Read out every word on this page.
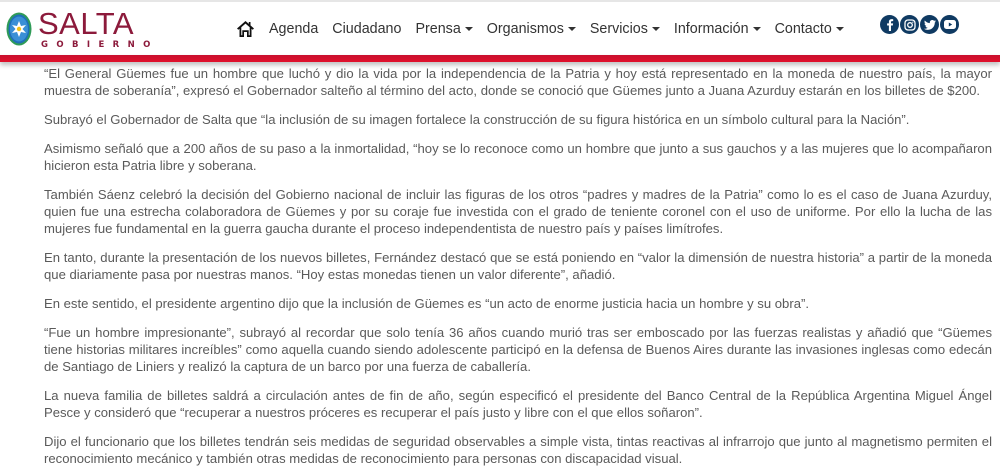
SALTA
GOBIERNO
Agenda Ciudadano Prensa Organismos Servicios Información Contacto

“El General Güemes fue un hombre que luchó y dio la vida por la independencia de la Patria y hoy está representado en la moneda de nuestro país, la mayor muestra de soberanía”, expresó el Gobernador salteño al término del acto, donde se conoció que Güemes junto a Juana Azurduy estarán en los billetes de $200.

Subrayó el Gobernador de Salta que “la inclusión de su imagen fortalece la construcción de su figura histórica en un símbolo cultural para la Nación”.

Asimismo señaló que a 200 años de su paso a la inmortalidad, “hoy se lo reconoce como un hombre que junto a sus gauchos y a las mujeres que lo acompañaron hicieron esta Patria libre y soberana.

También Sáenz celebró la decisión del Gobierno nacional de incluir las figuras de los otros “padres y madres de la Patria” como lo es el caso de Juana Azurduy, quien fue una estrecha colaboradora de Güemes y por su coraje fue investida con el grado de teniente coronel con el uso de uniforme. Por ello la lucha de las mujeres fue fundamental en la guerra gaucha durante el proceso independentista de nuestro país y países limítrofes.

En tanto, durante la presentación de los nuevos billetes, Fernández destacó que se está poniendo en “valor la dimensión de nuestra historia” a partir de la moneda que diariamente pasa por nuestras manos. “Hoy estas monedas tienen un valor diferente”, añadió.

En este sentido, el presidente argentino dijo que la inclusión de Güemes es “un acto de enorme justicia hacia un hombre y su obra”.

“Fue un hombre impresionante”, subrayó al recordar que solo tenía 36 años cuando murió tras ser emboscado por las fuerzas realistas y añadió que “Güemes tiene historias militares increíbles” como aquella cuando siendo adolescente participó en la defensa de Buenos Aires durante las invasiones inglesas como edecán de Santiago de Liniers y realizó la captura de un barco por una fuerza de caballería.

La nueva familia de billetes saldrá a circulación antes de fin de año, según especificó el presidente del Banco Central de la República Argentina Miguel Ángel Pesce y consideró que “recuperar a nuestros próceres es recuperar el país justo y libre con el que ellos soñaron”.

Dijo el funcionario que los billetes tendrán seis medidas de seguridad observables a simple vista, tintas reactivas al infrarrojo que junto al magnetismo permiten el reconocimiento mecánico y también otras medidas de reconocimiento para personas con discapacidad visual.
